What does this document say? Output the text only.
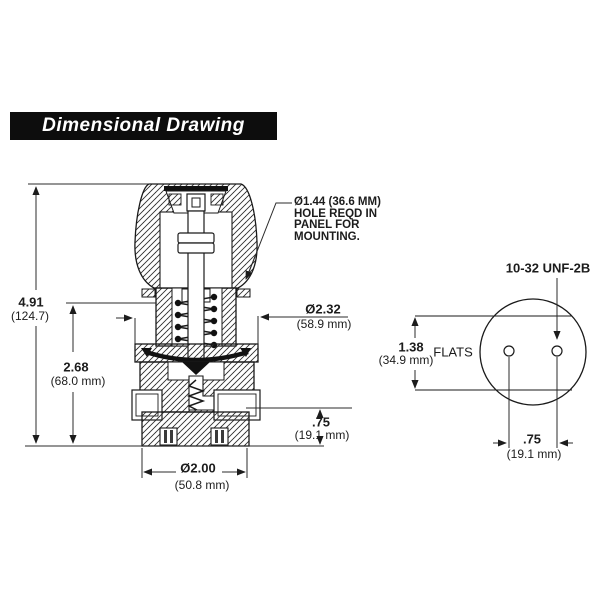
Dimensional Drawing
4.91
(124.7)
2.68
(68.0 mm)
Ø1.44 (36.6 MM)
HOLE REQD IN
PANEL FOR
MOUNTING.
Ø2.32
(58.9 mm)
.75
(19.1 mm)
Ø2.00
(50.8 mm)
10-32 UNF-2B
1.38
(34.9 mm)
FLATS
.75
(19.1 mm)
